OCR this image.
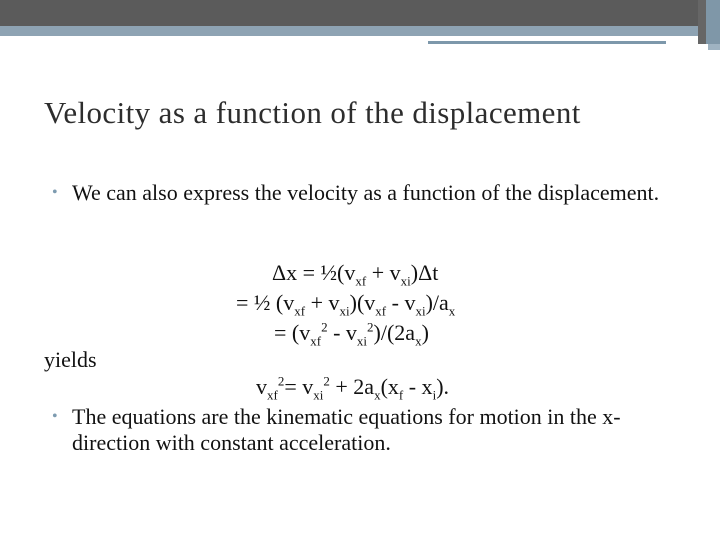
Velocity as a function of the displacement
• We can also express the velocity as a function of the displacement.
$\Delta x = \frac{1}{2}(v_{xf} + v_{xi})\Delta t$
= ½ $(v_{xf} + v_{xi})(v_{xf} - v_{xi})/a_x$
= $(v_{xf}^2 - v_{xi}^2)/(2a_x)$
yields
$v_{xf}^2= v_{xi}^2 + 2a_x(x_f - x_i)$.
• The equations are the kinematic equations for motion in the x-direction with constant acceleration.
